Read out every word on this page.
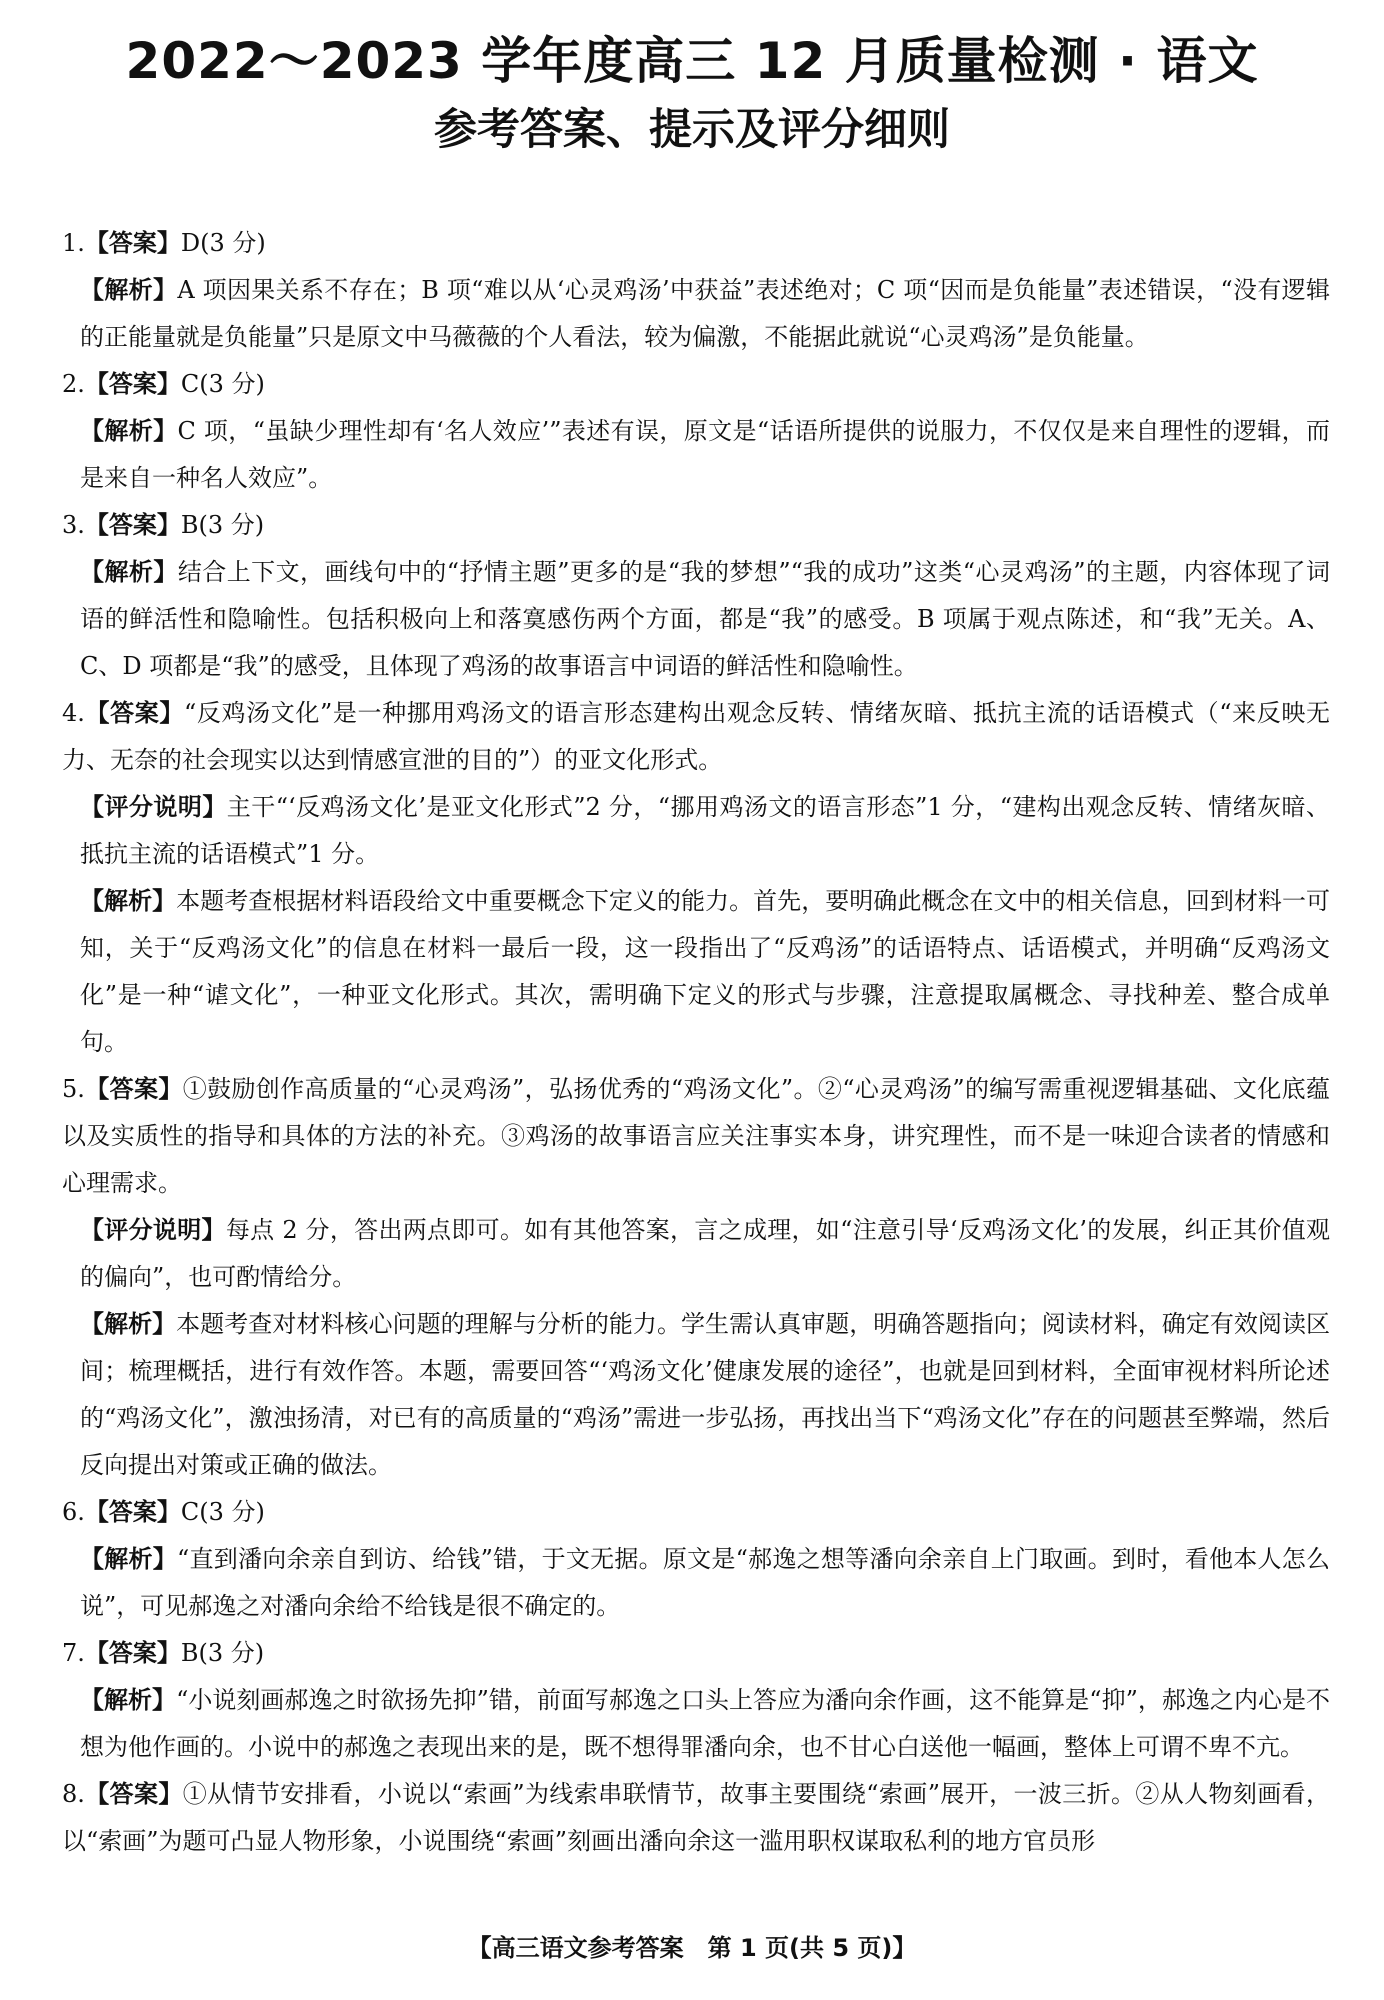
2022～2023 学年度高三 12 月质量检测 · 语文
参考答案、提示及评分细则
1.【答案】D(3 分)
【解析】A 项因果关系不存在；B 项“难以从‘心灵鸡汤’中获益”表述绝对；C 项“因而是负能量”表述错误，“没有逻辑的正能量就是负能量”只是原文中马薇薇的个人看法，较为偏激，不能据此就说“心灵鸡汤”是负能量。
2.【答案】C(3 分)
【解析】C 项，“虽缺少理性却有‘名人效应’”表述有误，原文是“话语所提供的说服力，不仅仅是来自理性的逻辑，而是来自一种名人效应”。
3.【答案】B(3 分)
【解析】结合上下文，画线句中的“抒情主题”更多的是“我的梦想”“我的成功”这类“心灵鸡汤”的主题，内容体现了词语的鲜活性和隐喻性。包括积极向上和落寞感伤两个方面，都是“我”的感受。B 项属于观点陈述，和“我”无关。A、C、D 项都是“我”的感受，且体现了鸡汤的故事语言中词语的鲜活性和隐喻性。
4.【答案】“反鸡汤文化”是一种挪用鸡汤文的语言形态建构出观念反转、情绪灰暗、抵抗主流的话语模式（“来反映无力、无奈的社会现实以达到情感宣泄的目的”）的亚文化形式。
【评分说明】主干“‘反鸡汤文化’是亚文化形式”2 分，“挪用鸡汤文的语言形态”1 分，“建构出观念反转、情绪灰暗、抵抗主流的话语模式”1 分。
【解析】本题考查根据材料语段给文中重要概念下定义的能力。首先，要明确此概念在文中的相关信息，回到材料一可知，关于“反鸡汤文化”的信息在材料一最后一段，这一段指出了“反鸡汤”的话语特点、话语模式，并明确“反鸡汤文化”是一种“谑文化”，一种亚文化形式。其次，需明确下定义的形式与步骤，注意提取属概念、寻找种差、整合成单句。
5.【答案】①鼓励创作高质量的“心灵鸡汤”，弘扬优秀的“鸡汤文化”。②“心灵鸡汤”的编写需重视逻辑基础、文化底蕴以及实质性的指导和具体的方法的补充。③鸡汤的故事语言应关注事实本身，讲究理性，而不是一味迎合读者的情感和心理需求。
【评分说明】每点 2 分，答出两点即可。如有其他答案，言之成理，如“注意引导‘反鸡汤文化’的发展，纠正其价值观的偏向”，也可酌情给分。
【解析】本题考查对材料核心问题的理解与分析的能力。学生需认真审题，明确答题指向；阅读材料，确定有效阅读区间；梳理概括，进行有效作答。本题，需要回答“‘鸡汤文化’健康发展的途径”，也就是回到材料，全面审视材料所论述的“鸡汤文化”，激浊扬清，对已有的高质量的“鸡汤”需进一步弘扬，再找出当下“鸡汤文化”存在的问题甚至弊端，然后反向提出对策或正确的做法。
6.【答案】C(3 分)
【解析】“直到潘向余亲自到访、给钱”错，于文无据。原文是“郝逸之想等潘向余亲自上门取画。到时，看他本人怎么说”，可见郝逸之对潘向余给不给钱是很不确定的。
7.【答案】B(3 分)
【解析】“小说刻画郝逸之时欲扬先抑”错，前面写郝逸之口头上答应为潘向余作画，这不能算是“抑”，郝逸之内心是不想为他作画的。小说中的郝逸之表现出来的是，既不想得罪潘向余，也不甘心白送他一幅画，整体上可谓不卑不亢。
8.【答案】①从情节安排看，小说以“索画”为线索串联情节，故事主要围绕“索画”展开，一波三折。②从人物刻画看，以“索画”为题可凸显人物形象，小说围绕“索画”刻画出潘向余这一滥用职权谋取私利的地方官员形
【高三语文参考答案　第 1 页(共 5 页)】
